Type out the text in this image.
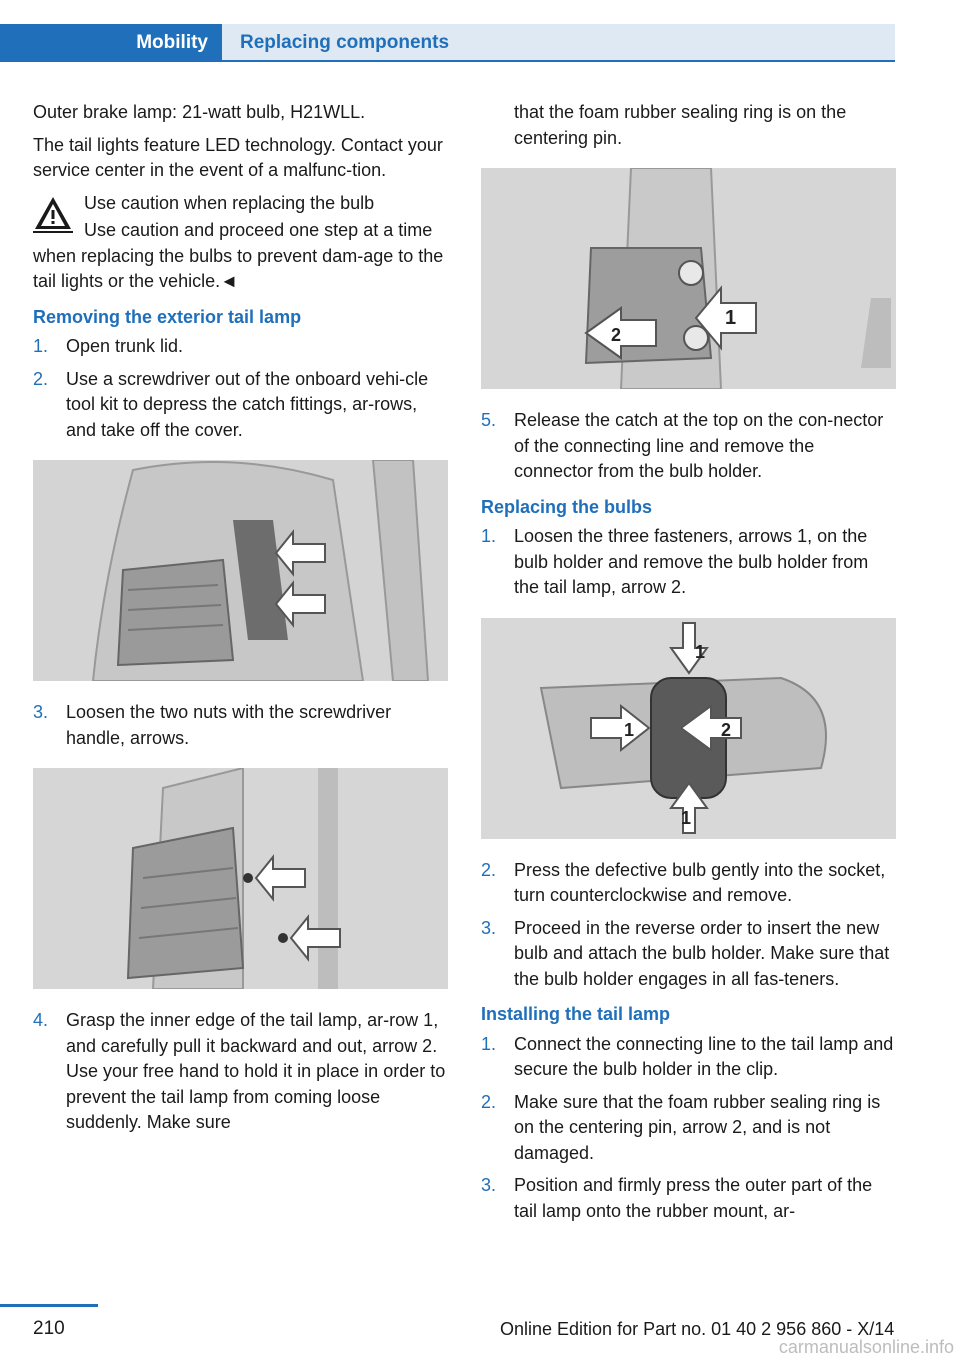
Mobility	Replacing components

Outer brake lamp: 21-watt bulb, H21WLL.

The tail lights feature LED technology. Contact your service center in the event of a malfunc-tion.

Use caution when replacing the bulb

Use caution and proceed one step at a time when replacing the bulbs to prevent dam-age to the tail lights or the vehicle.◄

Removing the exterior tail lamp

1. Open trunk lid.
2. Use a screwdriver out of the onboard vehi-cle tool kit to depress the catch fittings, ar-rows, and take off the cover.
3. Loosen the two nuts with the screwdriver handle, arrows.
4. Grasp the inner edge of the tail lamp, ar-row 1, and carefully pull it backward and out, arrow 2. Use your free hand to hold it in place in order to prevent the tail lamp from coming loose suddenly. Make sure

that the foam rubber sealing ring is on the centering pin.

1
2
5. Release the catch at the top on the con-nector of the connecting line and remove the connector from the bulb holder.

Replacing the bulbs

1. Loosen the three fasteners, arrows 1, on the bulb holder and remove the bulb holder from the tail lamp, arrow 2.
1
1	2
1
2. Press the defective bulb gently into the socket, turn counterclockwise and remove.
3. Proceed in the reverse order to insert the new bulb and attach the bulb holder. Make sure that the bulb holder engages in all fas-teners.

Installing the tail lamp

1. Connect the connecting line to the tail lamp and secure the bulb holder in the clip.
2. Make sure that the foam rubber sealing ring is on the centering pin, arrow 2, and is not damaged.
3. Position and firmly press the outer part of the tail lamp onto the rubber mount, ar-
210	Online Edition for Part no. 01 40 2 956 860 - X/14
carmanualsonline.info
